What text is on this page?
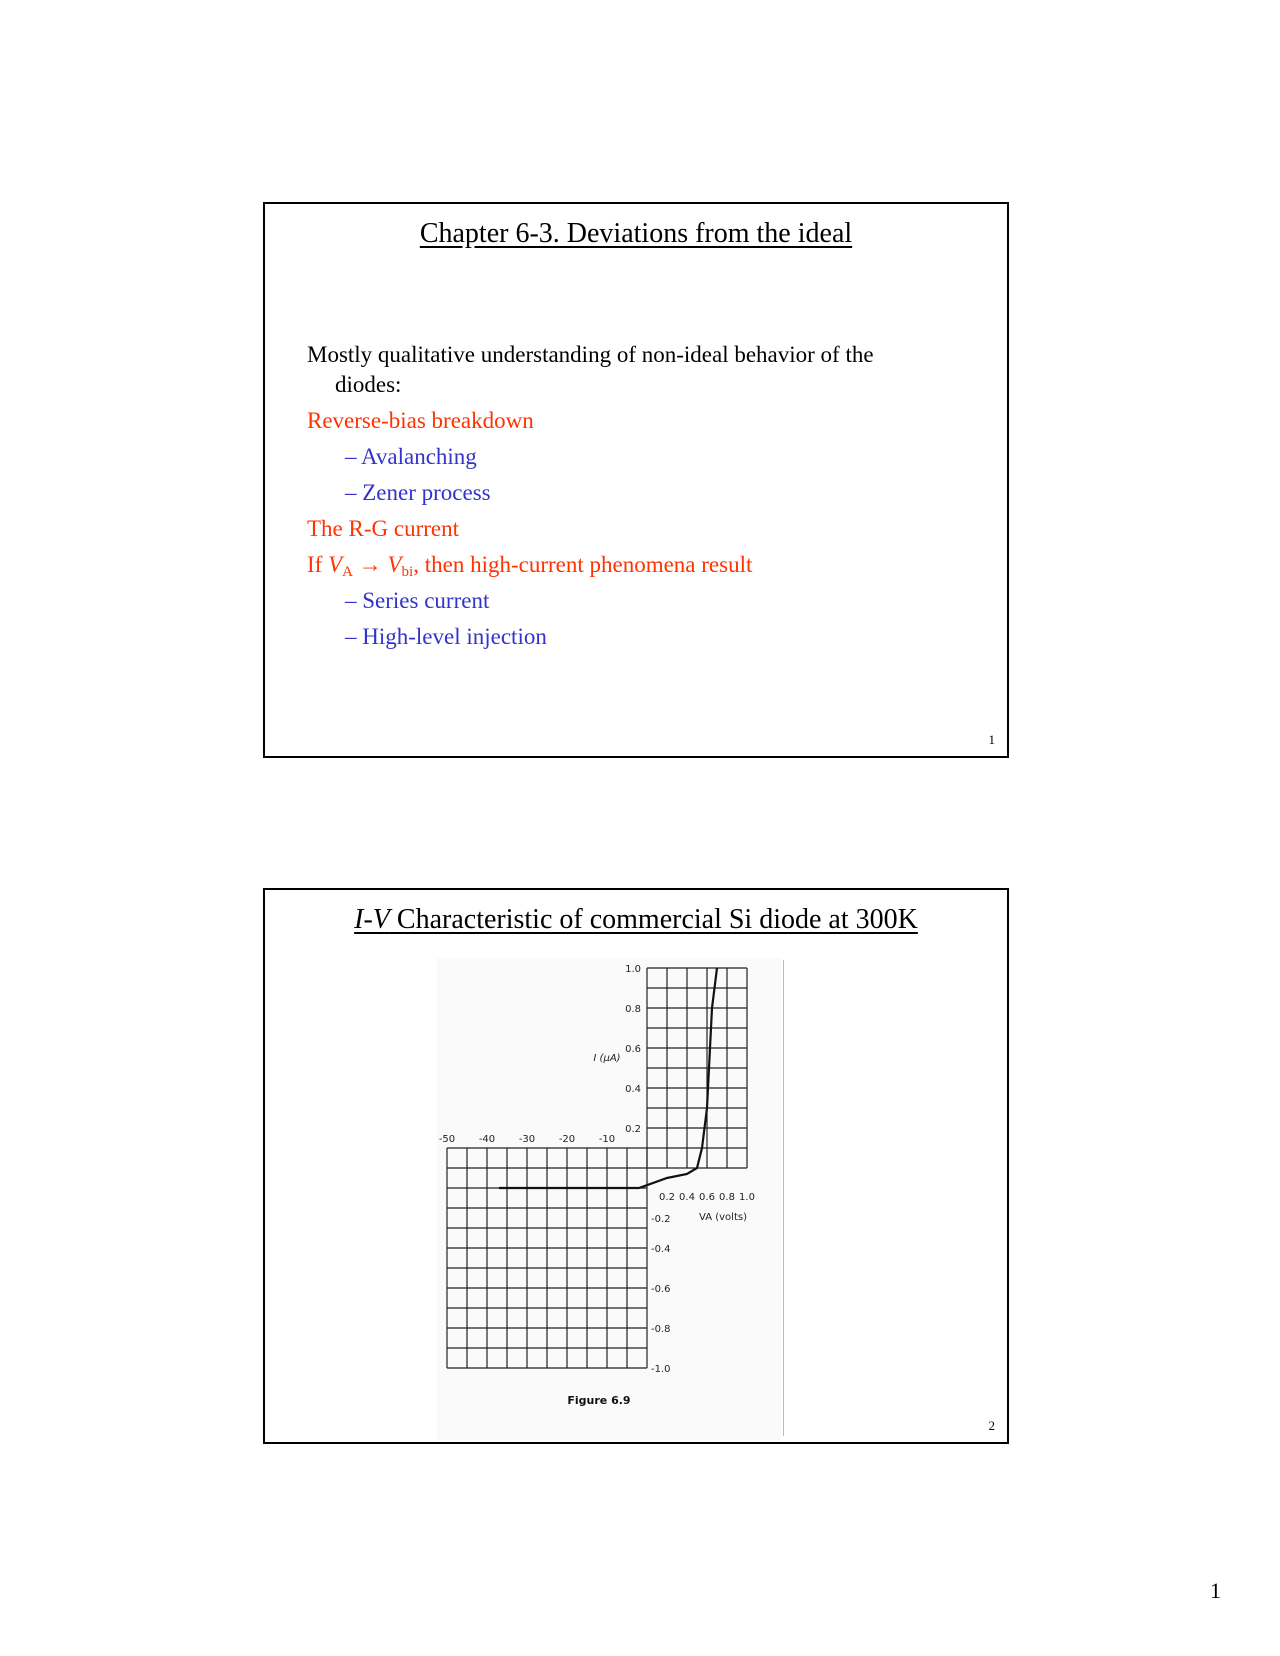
Chapter 6-3. Deviations from the ideal
Mostly qualitative understanding of non-ideal behavior of the
diodes:
Reverse-bias breakdown
– Avalanching
– Zener process
The R-G current
If $V_A \to V_{bi}$, then high-current phenomena result
– Series current
– High-level injection
1
I-V Characteristic of commercial Si diode at 300K
1.0
0.8
0.6
0.4
0.2
-50 -40 -30 -20 -10
0.2 0.4 0.6 0.8 1.0
-0.2
-0.4
-0.6
-0.8
-1.0
I (μA)
VA (volts)
Figure 6.9
2
1
